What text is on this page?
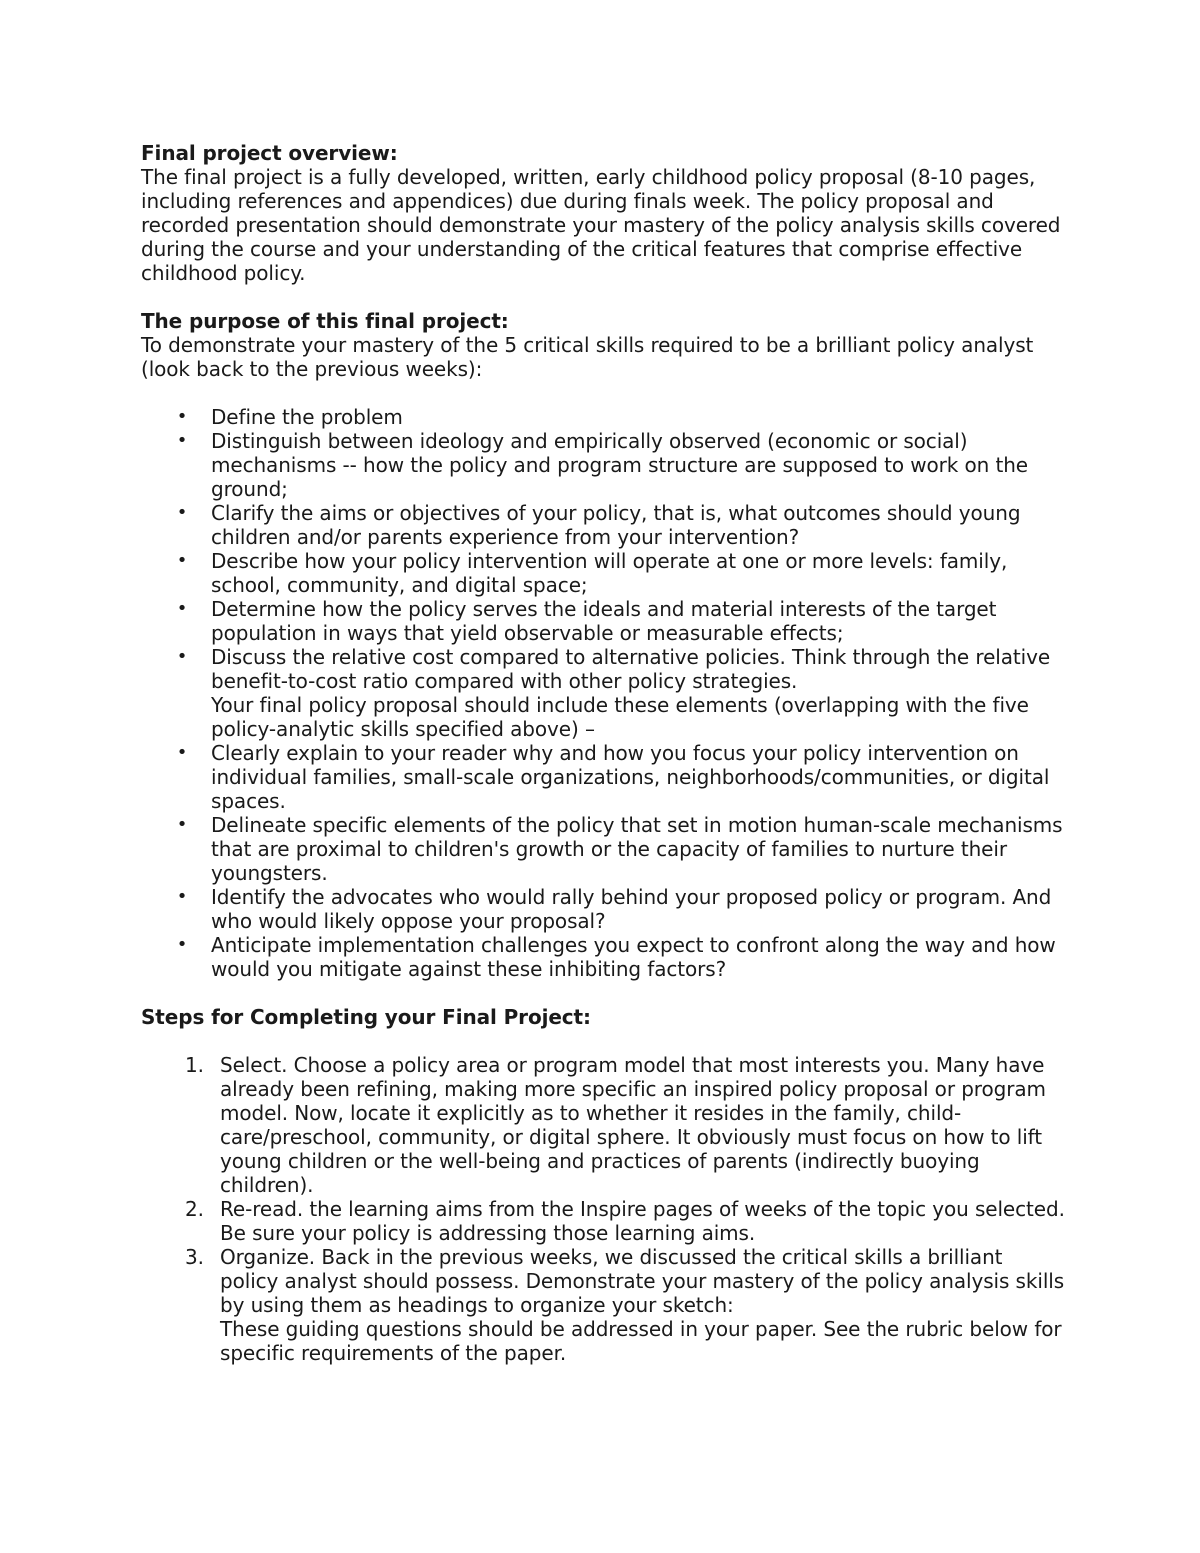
Final project overview:

The final project is a fully developed, written, early childhood policy proposal (8-10 pages, including references and appendices) due during finals week. The policy proposal and recorded presentation should demonstrate your mastery of the policy analysis skills covered during the course and your understanding of the critical features that comprise effective childhood policy.

The purpose of this final project:

To demonstrate your mastery of the 5 critical skills required to be a brilliant policy analyst (look back to the previous weeks):

• Define the problem
• Distinguish between ideology and empirically observed (economic or social) mechanisms -- how the policy and program structure are supposed to work on the ground;
• Clarify the aims or objectives of your policy, that is, what outcomes should young children and/or parents experience from your intervention?
• Describe how your policy intervention will operate at one or more levels: family, school, community, and digital space;
• Determine how the policy serves the ideals and material interests of the target population in ways that yield observable or measurable effects;
• Discuss the relative cost compared to alternative policies. Think through the relative benefit-to-cost ratio compared with other policy strategies.
Your final policy proposal should include these elements (overlapping with the five policy-analytic skills specified above) –
• Clearly explain to your reader why and how you focus your policy intervention on individual families, small-scale organizations, neighborhoods/communities, or digital spaces.
• Delineate specific elements of the policy that set in motion human-scale mechanisms that are proximal to children's growth or the capacity of families to nurture their youngsters.
• Identify the advocates who would rally behind your proposed policy or program. And who would likely oppose your proposal?
• Anticipate implementation challenges you expect to confront along the way and how would you mitigate against these inhibiting factors?

Steps for Completing your Final Project:

1. Select. Choose a policy area or program model that most interests you. Many have already been refining, making more specific an inspired policy proposal or program model. Now, locate it explicitly as to whether it resides in the family, child-care/preschool, community, or digital sphere. It obviously must focus on how to lift young children or the well-being and practices of parents (indirectly buoying children).
2. Re-read. the learning aims from the Inspire pages of weeks of the topic you selected. Be sure your policy is addressing those learning aims.
3. Organize. Back in the previous weeks, we discussed the critical skills a brilliant policy analyst should possess. Demonstrate your mastery of the policy analysis skills by using them as headings to organize your sketch:
These guiding questions should be addressed in your paper. See the rubric below for specific requirements of the paper.
